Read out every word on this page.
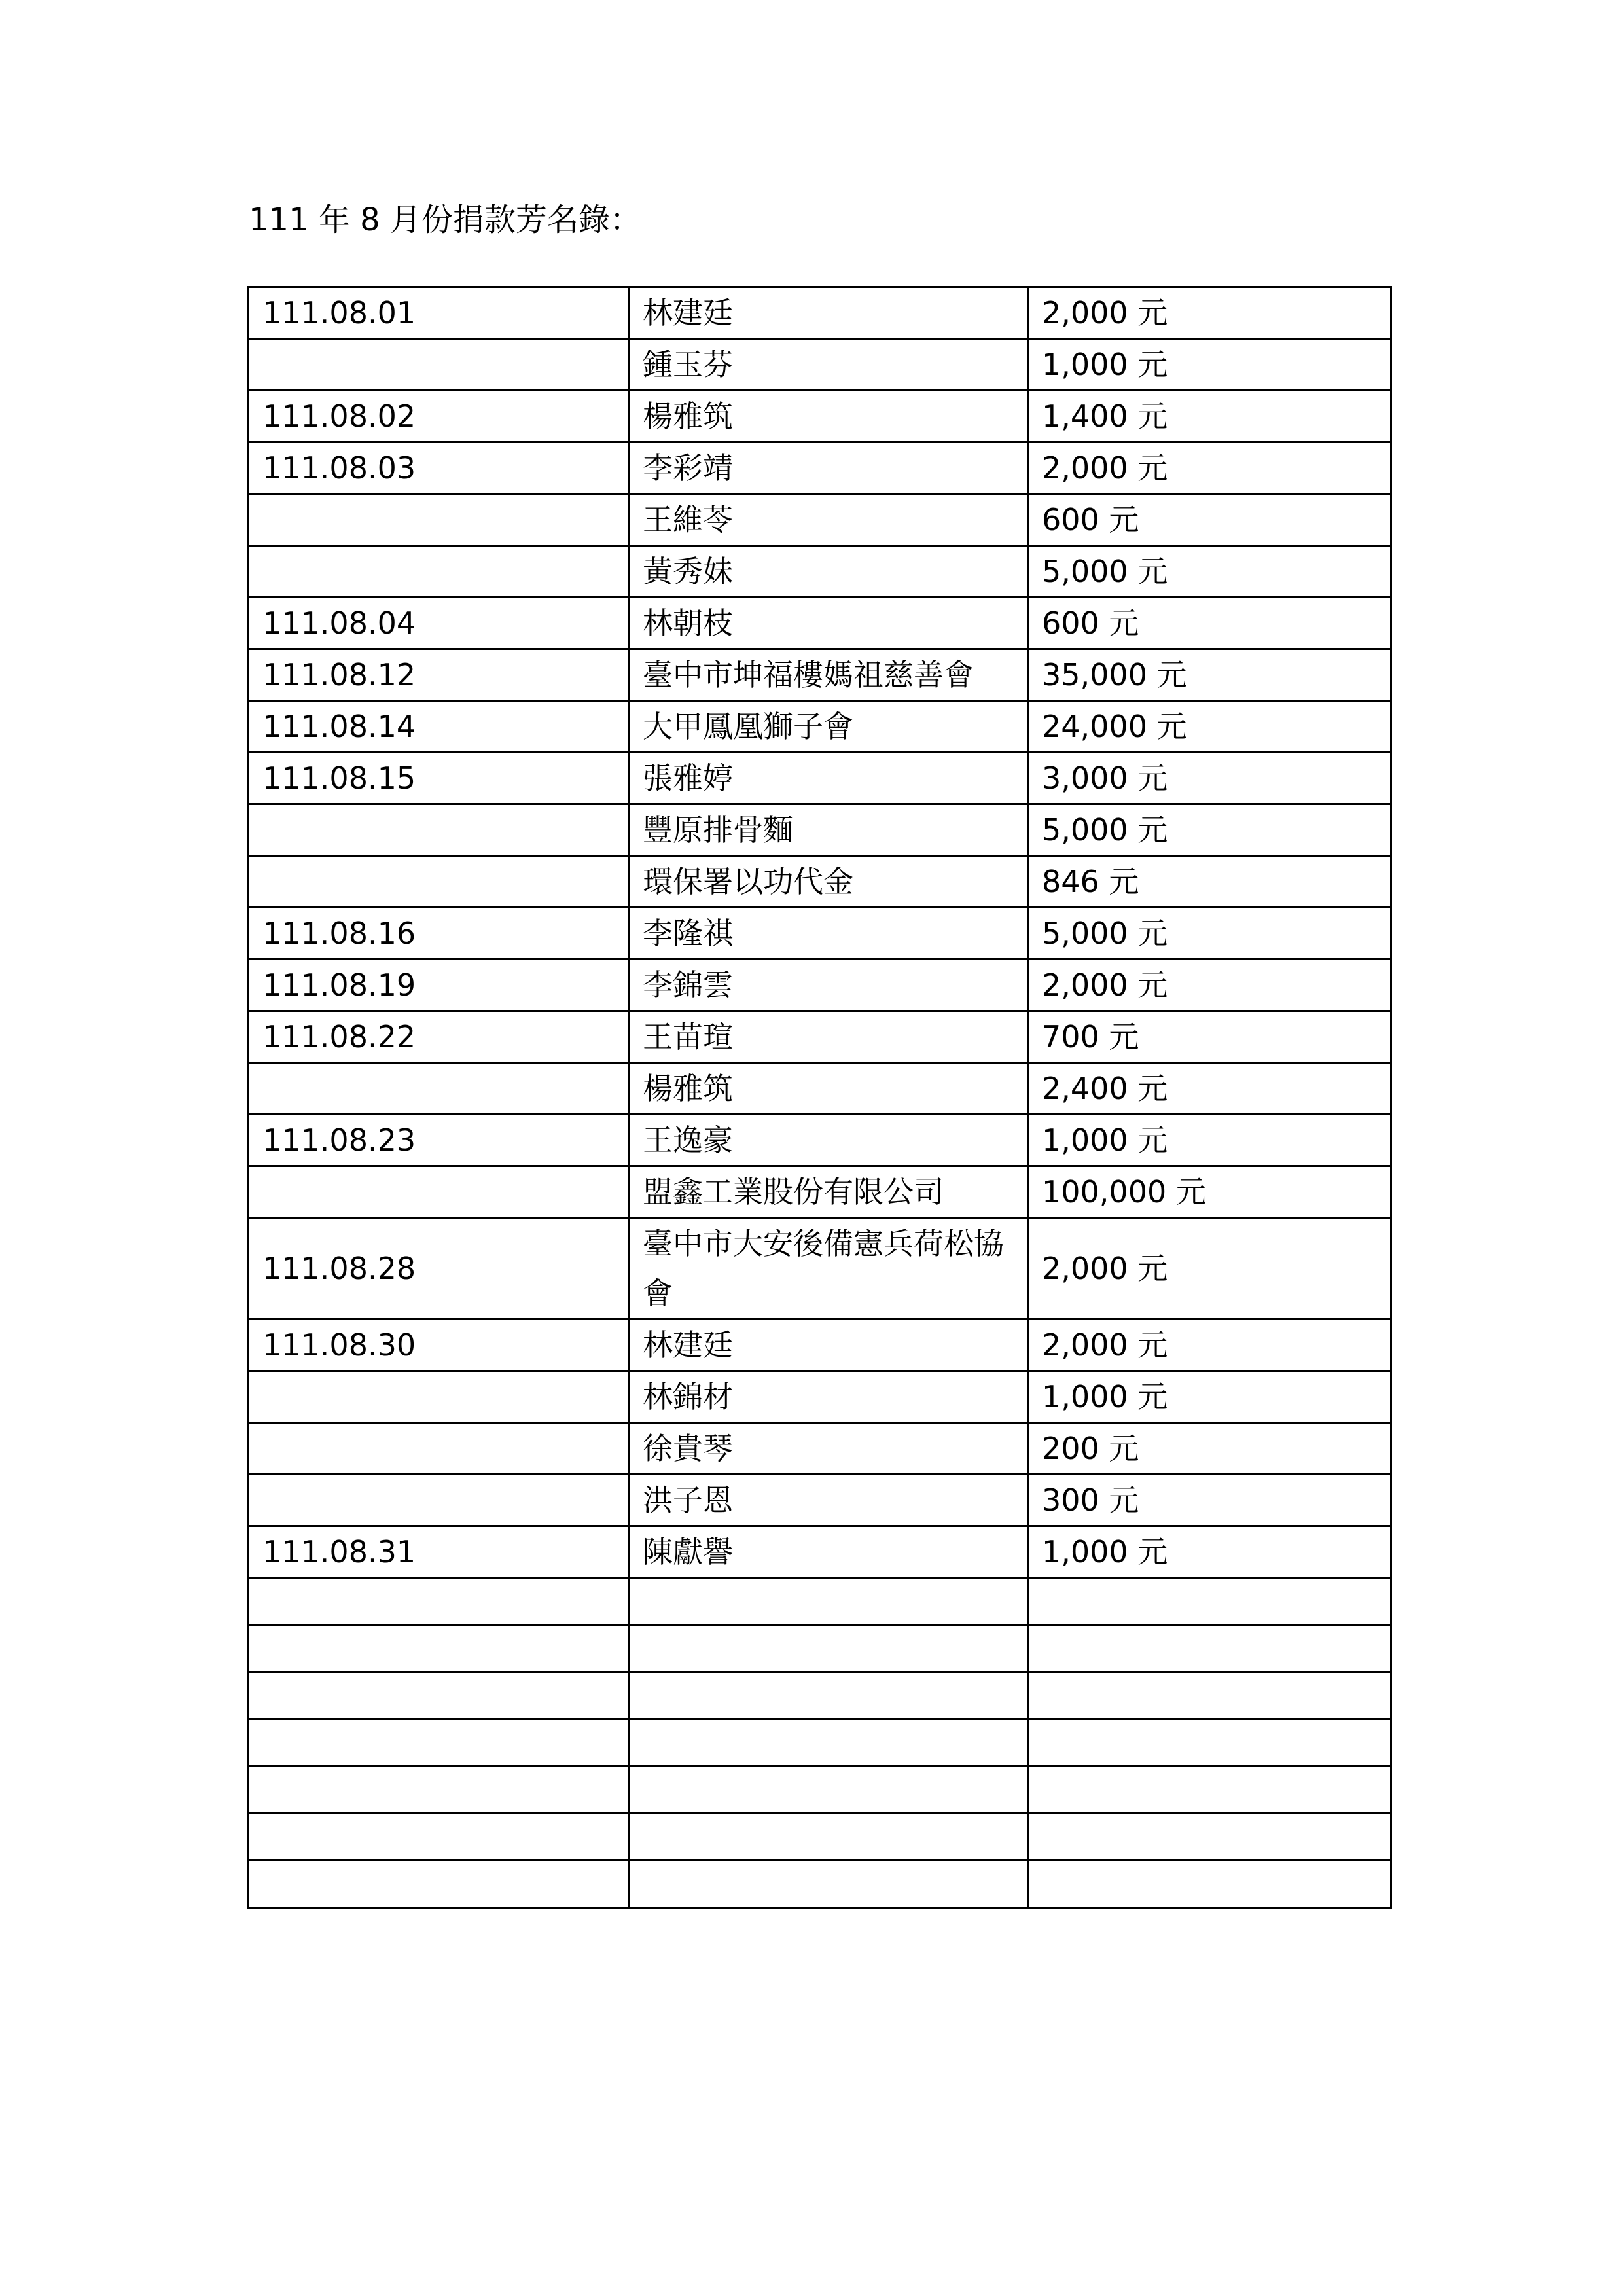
111 年 8 月份捐款芳名錄：
111.08.01	林建廷	2,000 元
	鍾玉芬	1,000 元
111.08.02	楊雅筑	1,400 元
111.08.03	李彩靖	2,000 元
	王維苓	600 元
	黃秀妹	5,000 元
111.08.04	林朝枝	600 元
111.08.12	臺中市坤福樓媽祖慈善會	35,000 元
111.08.14	大甲鳳凰獅子會	24,000 元
111.08.15	張雅婷	3,000 元
	豐原排骨麵	5,000 元
	環保署以功代金	846 元
111.08.16	李隆祺	5,000 元
111.08.19	李錦雲	2,000 元
111.08.22	王苗瑄	700 元
	楊雅筑	2,400 元
111.08.23	王逸豪	1,000 元
	盟鑫工業股份有限公司	100,000 元
111.08.28	臺中市大安後備憲兵荷松協會	2,000 元
111.08.30	林建廷	2,000 元
	林錦材	1,000 元
	徐貴琴	200 元
	洪子恩	300 元
111.08.31	陳獻譽	1,000 元
